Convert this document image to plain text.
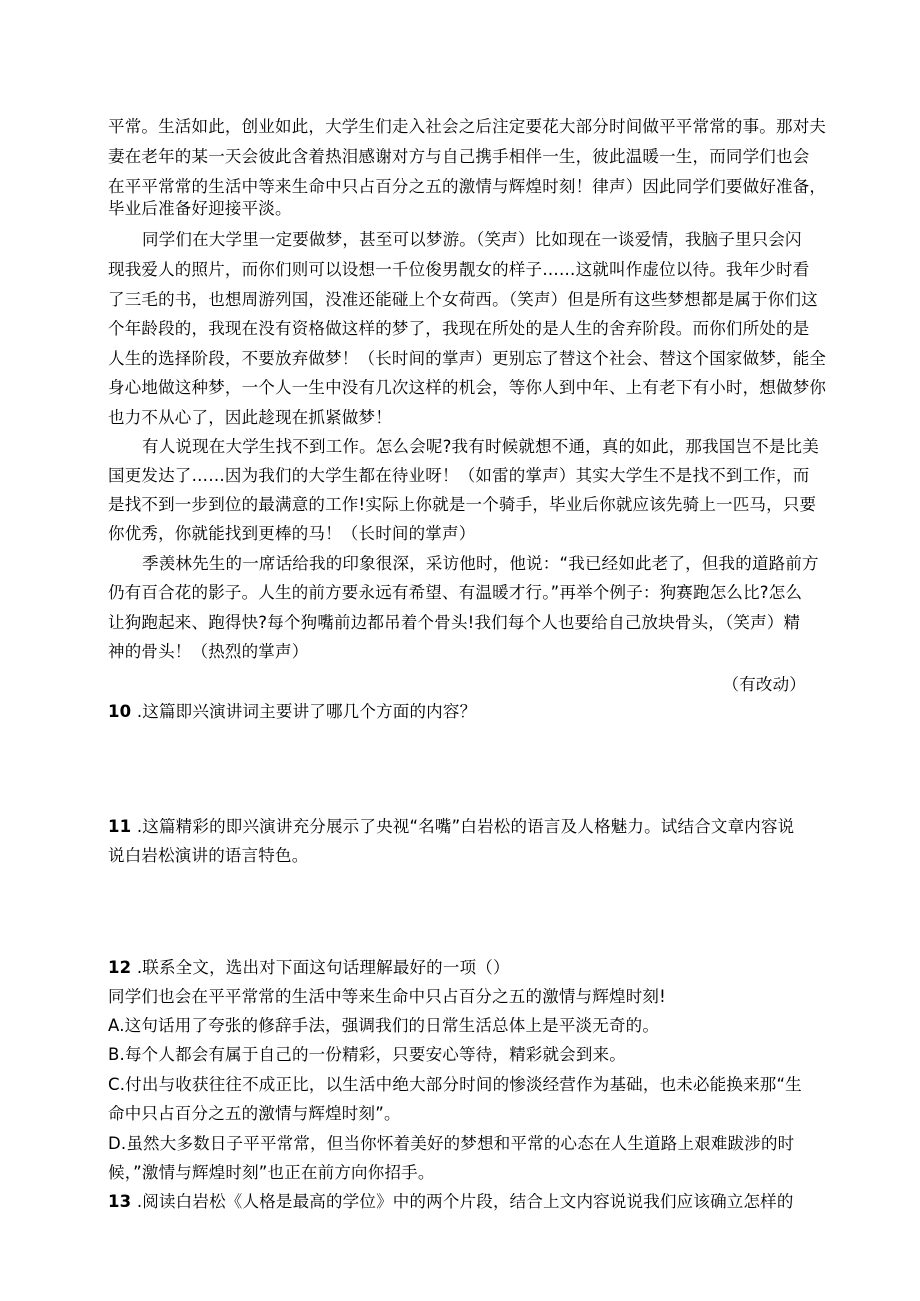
平常。生活如此，创业如此，大学生们走入社会之后注定要花大部分时间做平平常常的事。那对夫
妻在老年的某一天会彼此含着热泪感谢对方与自己携手相伴一生，彼此温暖一生，而同学们也会
在平平常常的生活中等来生命中只占百分之五的激情与辉煌时刻！律声）因此同学们要做好准备，
毕业后准备好迎接平淡。
同学们在大学里一定要做梦，甚至可以梦游。（笑声）比如现在一谈爱情，我脑子里只会闪
现我爱人的照片，而你们则可以设想一千位俊男靓女的样子……这就叫作虚位以待。我年少时看
了三毛的书，也想周游列国，没准还能碰上个女荷西。（笑声）但是所有这些梦想都是属于你们这
个年龄段的，我现在没有资格做这样的梦了，我现在所处的是人生的舍弃阶段。而你们所处的是
人生的选择阶段，不要放弃做梦！（长时间的掌声）更别忘了替这个社会、替这个国家做梦，能全
身心地做这种梦，一个人一生中没有几次这样的机会，等你人到中年、上有老下有小时，想做梦你
也力不从心了，因此趁现在抓紧做梦！
有人说现在大学生找不到工作。怎么会呢?我有时候就想不通，真的如此，那我国岂不是比美
国更发达了……因为我们的大学生都在待业呀！（如雷的掌声）其实大学生不是找不到工作，而
是找不到一步到位的最满意的工作!实际上你就是一个骑手，毕业后你就应该先骑上一匹马，只要
你优秀，你就能找到更棒的马！（长时间的掌声）
季羡林先生的一席话给我的印象很深，采访他时，他说：“我已经如此老了，但我的道路前方
仍有百合花的影子。人生的前方要永远有希望、有温暖才行。”再举个例子：狗赛跑怎么比?怎么
让狗跑起来、跑得快?每个狗嘴前边都吊着个骨头!我们每个人也要给自己放块骨头，（笑声）精
神的骨头！（热烈的掌声）
（有改动）
10 .这篇即兴演讲词主要讲了哪几个方面的内容？
11 .这篇精彩的即兴演讲充分展示了央视“名嘴”白岩松的语言及人格魅力。试结合文章内容说
说白岩松演讲的语言特色。
12 .联系全文，选出对下面这句话理解最好的一项（）
同学们也会在平平常常的生活中等来生命中只占百分之五的激情与辉煌时刻!
A.这句话用了夸张的修辞手法，强调我们的日常生活总体上是平淡无奇的。
B.每个人都会有属于自己的一份精彩，只要安心等待，精彩就会到来。
C.付出与收获往往不成正比，以生活中绝大部分时间的惨淡经营作为基础，也未必能换来那“生
命中只占百分之五的激情与辉煌时刻”。
D.虽然大多数日子平平常常，但当你怀着美好的梦想和平常的心态在人生道路上艰难跋涉的时
候，”激情与辉煌时刻”也正在前方向你招手。
13 .阅读白岩松《人格是最高的学位》中的两个片段，结合上文内容说说我们应该确立怎样的
